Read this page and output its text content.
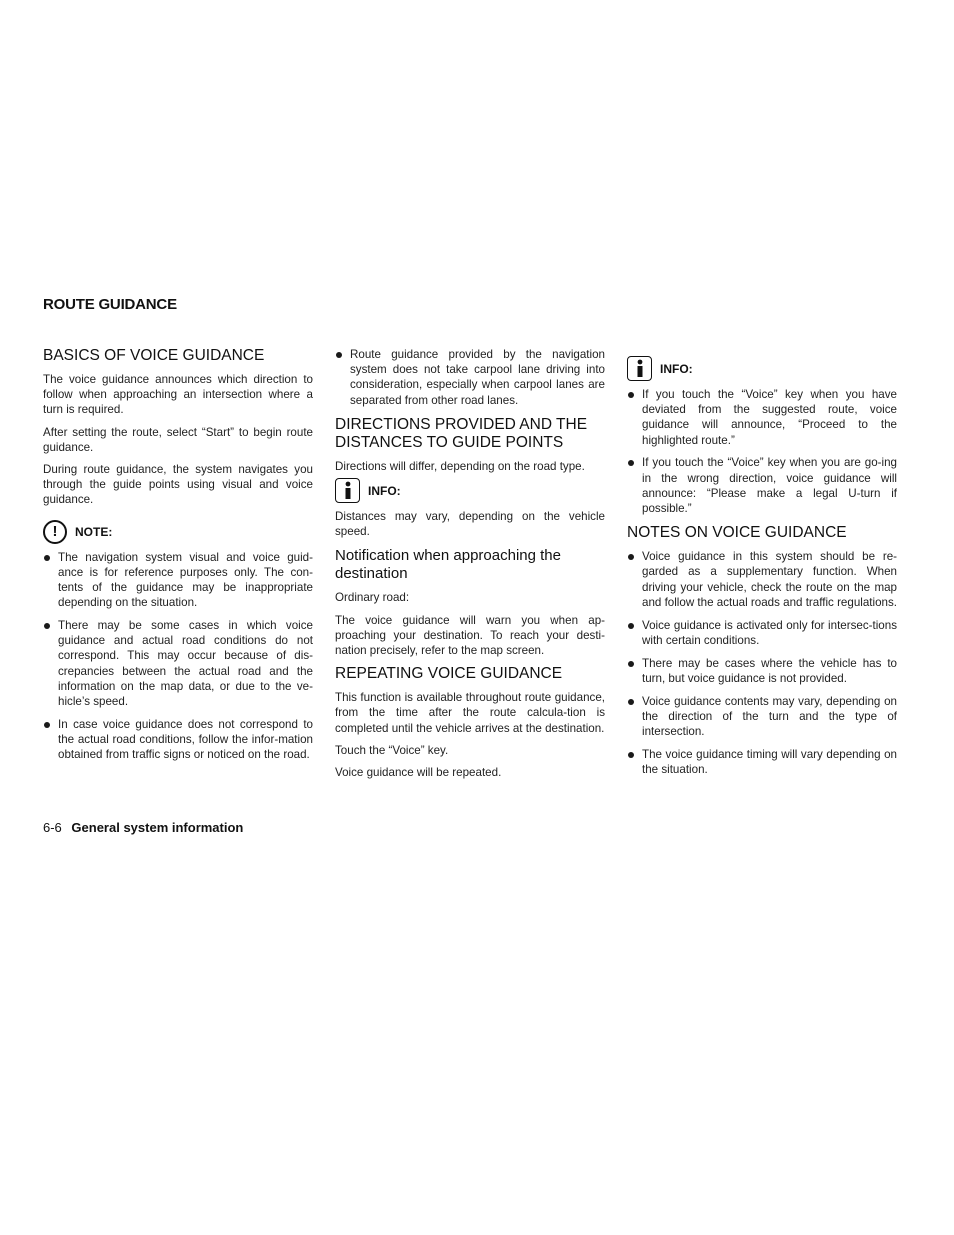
ROUTE GUIDANCE
BASICS OF VOICE GUIDANCE

The voice guidance announces which direction to follow when approaching an intersection where a turn is required.

After setting the route, select “Start” to begin route guidance.

During route guidance, the system navigates you through the guide points using visual and voice guidance.

!	NOTE:
The navigation system visual and voice guid-ance is for reference purposes only. The con-tents of the guidance may be inappropriate depending on the situation.
There may be some cases in which voice guidance and actual road conditions do not correspond. This may occur because of dis-crepancies between the actual road and the information on the map data, or due to the ve-hicle’s speed.
In case voice guidance does not correspond to the actual road conditions, follow the infor-mation obtained from traffic signs or noticed on the road.
Route guidance provided by the navigation system does not take carpool lane driving into consideration, especially when carpool lanes are separated from other road lanes.
DIRECTIONS PROVIDED AND THE DISTANCES TO GUIDE POINTS

Directions will differ, depending on the road type.

INFO:

Distances may vary, depending on the vehicle speed.

Notification when approaching the destination

Ordinary road:

The voice guidance will warn you when ap-proaching your destination. To reach your desti-nation precisely, refer to the map screen.

REPEATING VOICE GUIDANCE

This function is available throughout route guidance, from the time after the route calcula-tion is completed until the vehicle arrives at the destination.

Touch the “Voice” key.

Voice guidance will be repeated.

INFO:
If you touch the “Voice” key when you have deviated from the suggested route, voice guidance will announce, “Proceed to the highlighted route.”
If you touch the “Voice” key when you are go-ing in the wrong direction, voice guidance will announce: “Please make a legal U-turn if possible.”
NOTES ON VOICE GUIDANCE
Voice guidance in this system should be re-garded as a supplementary function. When driving your vehicle, check the route on the map and follow the actual roads and traffic regulations.
Voice guidance is activated only for intersec-tions with certain conditions.
There may be cases where the vehicle has to turn, but voice guidance is not provided.
Voice guidance contents may vary, depending on the direction of the turn and the type of intersection.
The voice guidance timing will vary depending on the situation.
6-6 General system information
